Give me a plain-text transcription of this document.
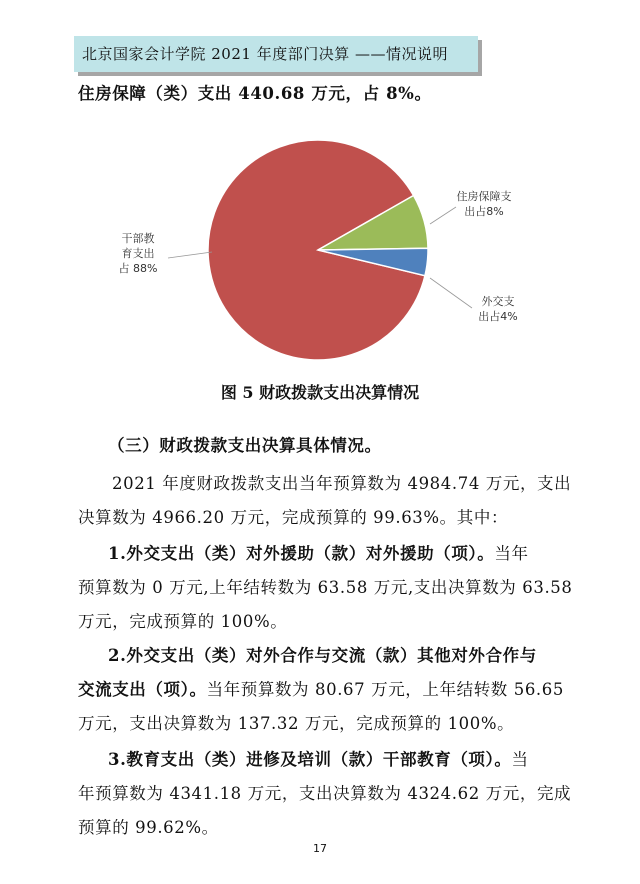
北京国家会计学院 2021 年度部门决算 ——情况说明
住房保障（类）支出 440.68 万元，占 8%。
干部教
育支出
占 88%
住房保障支
出占8%
外交支
出占4%
图 5 财政拨款支出决算情况
（三）财政拨款支出决算具体情况。
2021 年度财政拨款支出当年预算数为 4984.74 万元，支出
决算数为 4966.20 万元，完成预算的 99.63%。其中：
1.外交支出（类）对外援助（款）对外援助（项）。当年
预算数为 0 万元,上年结转数为 63.58 万元,支出决算数为 63.58
万元，完成预算的 100%。
2.外交支出（类）对外合作与交流（款）其他对外合作与
交流支出（项）。当年预算数为 80.67 万元，上年结转数 56.65
万元，支出决算数为 137.32 万元，完成预算的 100%。
3.教育支出（类）进修及培训（款）干部教育（项）。当
年预算数为 4341.18 万元，支出决算数为 4324.62 万元，完成
预算的 99.62%。
17
